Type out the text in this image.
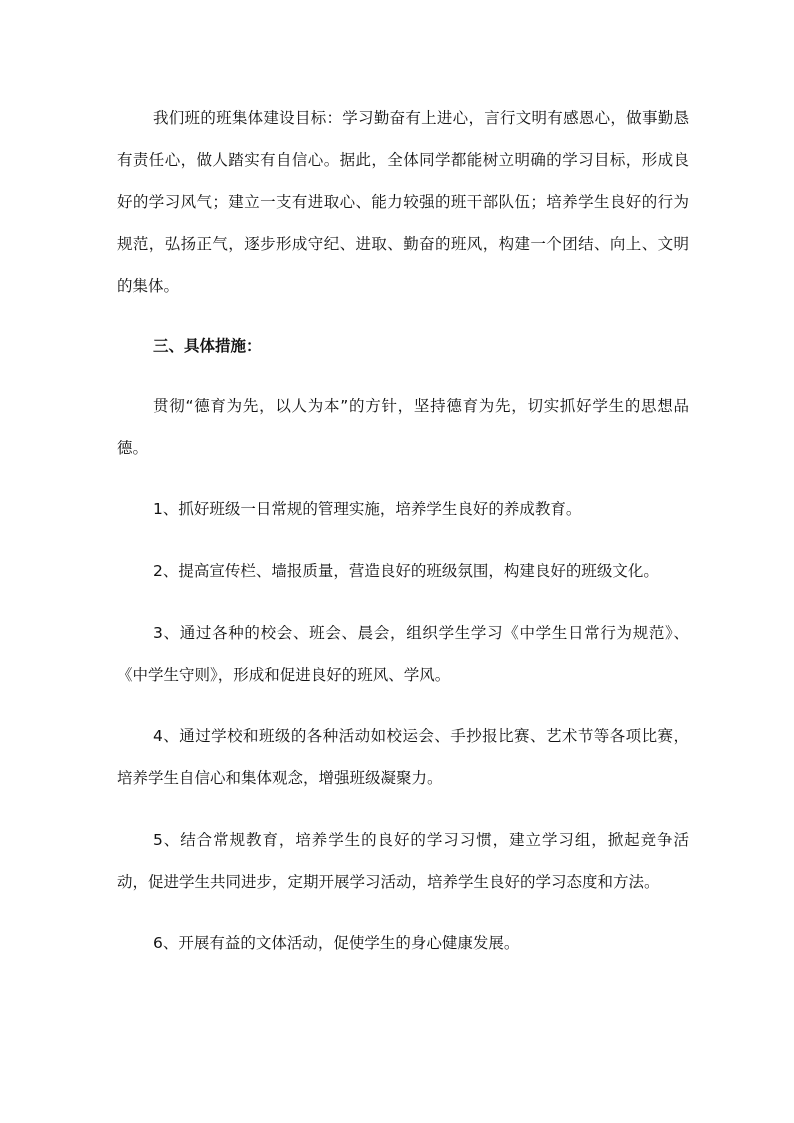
我们班的班集体建设目标：学习勤奋有上进心，言行文明有感恩心，做事勤恳有责任心，做人踏实有自信心。据此，全体同学都能树立明确的学习目标，形成良好的学习风气；建立一支有进取心、能力较强的班干部队伍；培养学生良好的行为规范，弘扬正气，逐步形成守纪、进取、勤奋的班风，构建一个团结、向上、文明的集体。

三、具体措施：

贯彻“德育为先，以人为本”的方针，坚持德育为先，切实抓好学生的思想品德。

1、抓好班级一日常规的管理实施，培养学生良好的养成教育。

2、提高宣传栏、墙报质量，营造良好的班级氛围，构建良好的班级文化。

3、通过各种的校会、班会、晨会，组织学生学习《中学生日常行为规范》、《中学生守则》，形成和促进良好的班风、学风。

4、通过学校和班级的各种活动如校运会、手抄报比赛、艺术节等各项比赛，培养学生自信心和集体观念，增强班级凝聚力。

5、结合常规教育，培养学生的良好的学习习惯，建立学习组，掀起竞争活动，促进学生共同进步，定期开展学习活动，培养学生良好的学习态度和方法。

6、开展有益的文体活动，促使学生的身心健康发展。
